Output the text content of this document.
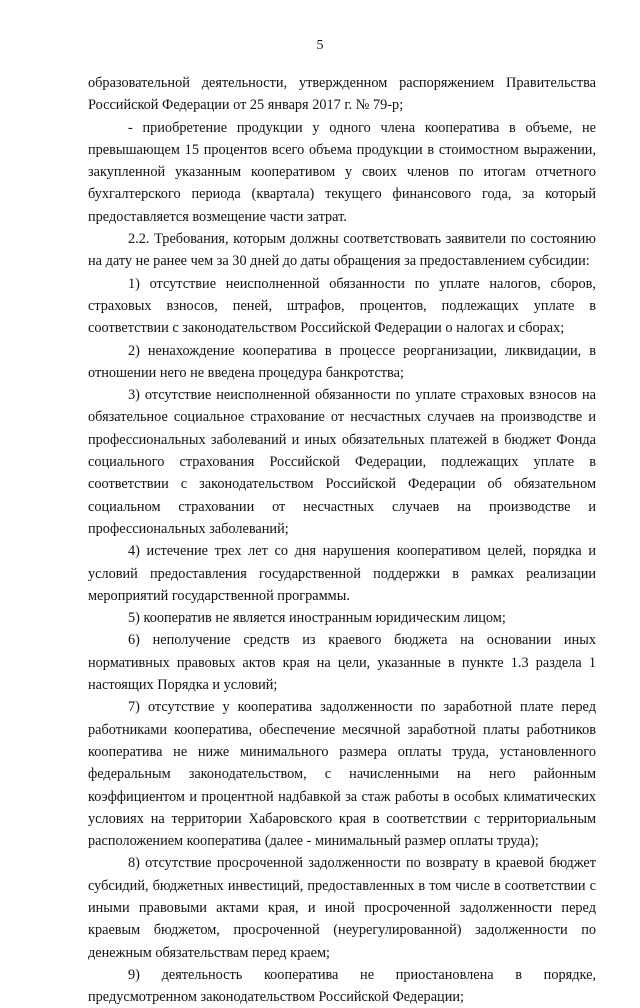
5

образовательной деятельности, утвержденном распоряжением Правительства Российской Федерации от 25 января 2017 г. № 79-р;

- приобретение продукции у одного члена кооператива в объеме, не превышающем 15 процентов всего объема продукции в стоимостном выражении, закупленной указанным кооперативом у своих членов по итогам отчетного бухгалтерского периода (квартала) текущего финансового года, за который предоставляется возмещение части затрат.

2.2. Требования, которым должны соответствовать заявители по состоянию на дату не ранее чем за 30 дней до даты обращения за предоставлением субсидии:

1) отсутствие неисполненной обязанности по уплате налогов, сборов, страховых взносов, пеней, штрафов, процентов, подлежащих уплате в соответствии с законодательством Российской Федерации о налогах и сборах;

2) ненахождение кооператива в процессе реорганизации, ликвидации, в отношении него не введена процедура банкротства;

3) отсутствие неисполненной обязанности по уплате страховых взносов на обязательное социальное страхование от несчастных случаев на производстве и профессиональных заболеваний и иных обязательных платежей в бюджет Фонда социального страхования Российской Федерации, подлежащих уплате в соответствии с законодательством Российской Федерации об обязательном социальном страховании от несчастных случаев на производстве и профессиональных заболеваний;

4) истечение трех лет со дня нарушения кооперативом целей, порядка и условий предоставления государственной поддержки в рамках реализации мероприятий государственной программы.

5) кооператив не является иностранным юридическим лицом;

6) неполучение средств из краевого бюджета на основании иных нормативных правовых актов края на цели, указанные в пункте 1.3 раздела 1 настоящих Порядка и условий;

7) отсутствие у кооператива задолженности по заработной плате перед работниками кооператива, обеспечение месячной заработной платы работников кооператива не ниже минимального размера оплаты труда, установленного федеральным законодательством, с начисленными на него районным коэффициентом и процентной надбавкой за стаж работы в особых климатических условиях на территории Хабаровского края в соответствии с территориальным расположением кооператива (далее - минимальный размер оплаты труда);

8) отсутствие просроченной задолженности по возврату в краевой бюджет субсидий, бюджетных инвестиций, предоставленных в том числе в соответствии с иными правовыми актами края, и иной просроченной задолженности перед краевым бюджетом, просроченной (неурегулированной) задолженности по денежным обязательствам перед краем;

9) деятельность кооператива не приостановлена в порядке, предусмотренном законодательством Российской Федерации;
